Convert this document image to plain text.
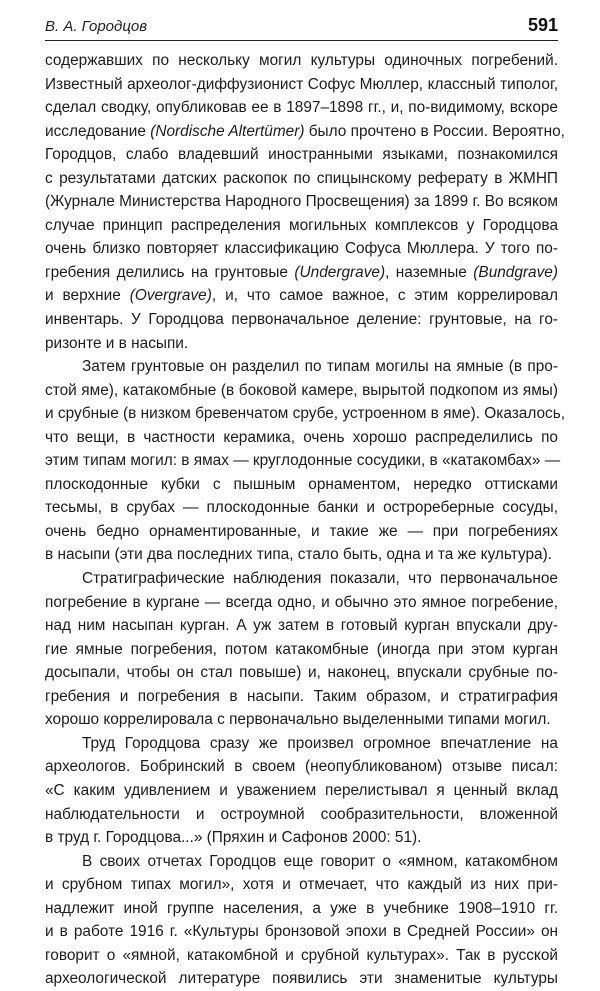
В. А. Городцов	591
содержавших по нескольку могил культуры одиночных погребений.
Известный археолог-диффузионист Софус Мюллер, классный типолог,
сделал сводку, опубликовав ее в 1897–1898 гг., и, по-видимому, вскоре
исследование (Nordische Altertümer) было прочтено в России. Вероятно,
Городцов, слабо владевший иностранными языками, познакомился
с результатами датских раскопок по спицынскому реферату в ЖМНП
(Журнале Министерства Народного Просвещения) за 1899 г. Во всяком
случае принцип распределения могильных комплексов у Городцова
очень близко повторяет классификацию Софуса Мюллера. У того по-
гребения делились на грунтовые (Undergrave), наземные (Bundgrave)
и верхние (Overgrave), и, что самое важное, с этим коррелировал
инвентарь. У Городцова первоначальное деление: грунтовые, на го-
ризонте и в насыпи.
Затем грунтовые он разделил по типам могилы на ямные (в про-
стой яме), катакомбные (в боковой камере, вырытой подкопом из ямы)
и срубные (в низком бревенчатом срубе, устроенном в яме). Оказалось,
что вещи, в частности керамика, очень хорошо распределились по
этим типам могил: в ямах — круглодонные сосудики, в «катакомбах» —
плоскодонные кубки с пышным орнаментом, нередко оттисками
тесьмы, в срубах — плоскодонные банки и острореберные сосуды,
очень бедно орнаментированные, и такие же — при погребениях
в насыпи (эти два последних типа, стало быть, одна и та же культура).
Стратиграфические наблюдения показали, что первоначальное
погребение в кургане — всегда одно, и обычно это ямное погребение,
над ним насыпан курган. А уж затем в готовый курган впускали дру-
гие ямные погребения, потом катакомбные (иногда при этом курган
досыпали, чтобы он стал повыше) и, наконец, впускали срубные по-
гребения и погребения в насыпи. Таким образом, и стратиграфия
хорошо коррелировала с первоначально выделенными типами могил.
Труд Городцова сразу же произвел огромное впечатление на
археологов. Бобринский в своем (неопубликованом) отзыве писал:
«С каким удивлением и уважением перелистывал я ценный вклад
наблюдательности и остроумной сообразительности, вложенной
в труд г. Городцова...» (Пряхин и Сафонов 2000: 51).
В своих отчетах Городцов еще говорит о «ямном, катакомбном
и срубном типах могил», хотя и отмечает, что каждый из них при-
надлежит иной группе населения, а уже в учебнике 1908–1910 гг.
и в работе 1916 г. «Культуры бронзовой эпохи в Средней России» он
говорит о «ямной, катакомбной и срубной культурах». Так в русской
археологической литературе появились эти знаменитые культуры
